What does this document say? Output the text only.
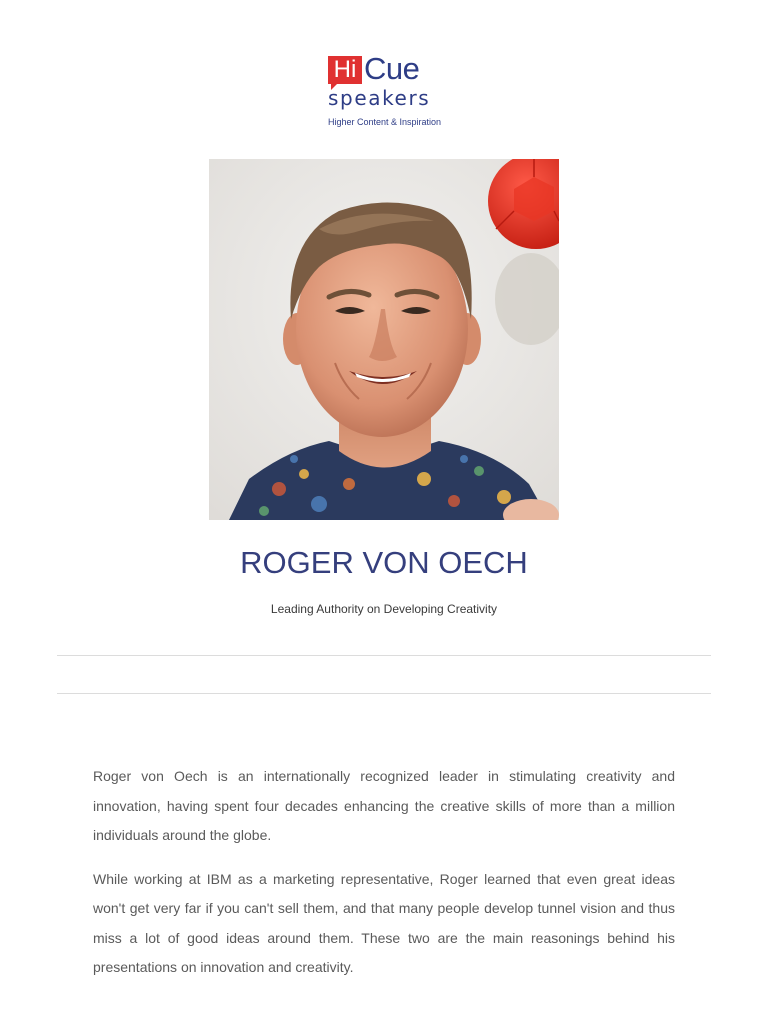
Hi Cue
speakers
Higher Content & Inspiration
ROGER VON OECH
Leading Authority on Developing Creativity

Roger von Oech is an internationally recognized leader in stimulating creativity and innovation, having spent four decades enhancing the creative skills of more than a million individuals around the globe.

While working at IBM as a marketing representative, Roger learned that even great ideas won't get very far if you can't sell them, and that many people develop tunnel vision and thus miss a lot of good ideas around them. These two are the main reasonings behind his presentations on innovation and creativity.
